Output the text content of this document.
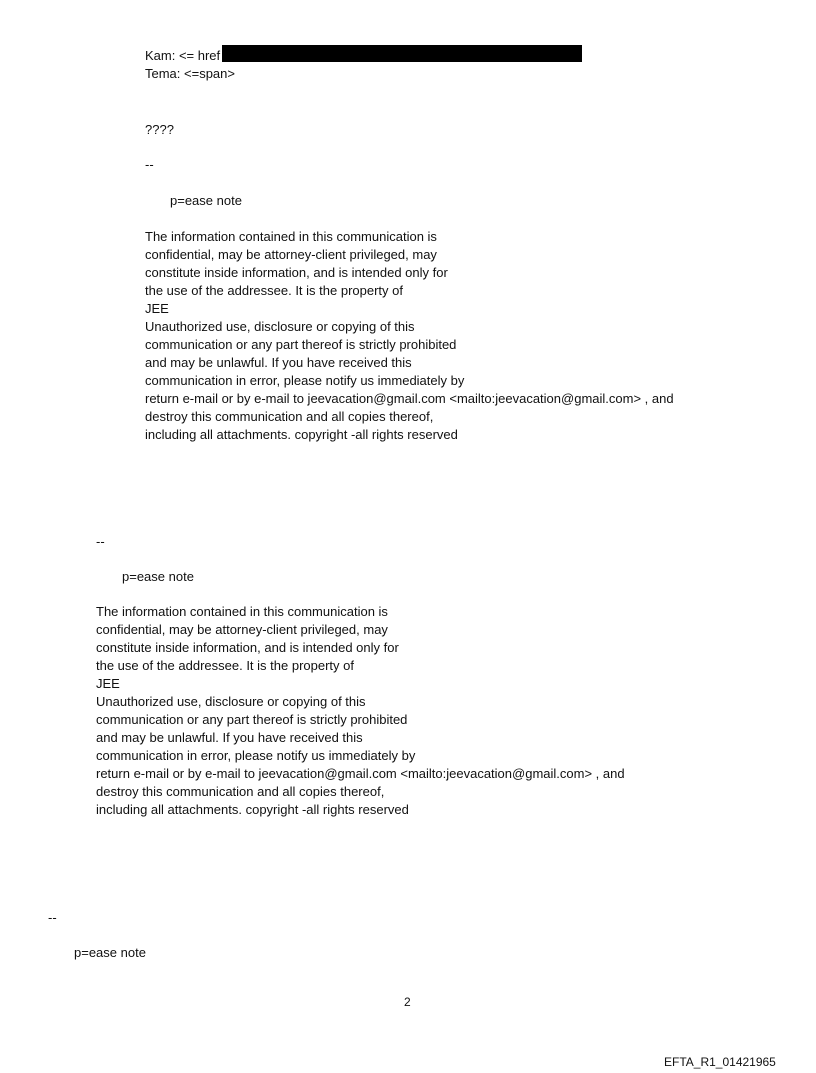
Kam: <= href
Tema: <=span>
????
--
p=ease note
The information contained in this communication is
confidential, may be attorney-client privileged, may
constitute inside information, and is intended only for
the use of the addressee. It is the property of
JEE
Unauthorized use, disclosure or copying of this
communication or any part thereof is strictly prohibited
and may be unlawful. If you have received this
communication in error, please notify us immediately by
return e-mail or by e-mail to jeevacation@gmail.com <mailto:jeevacation@gmail.com> , and
destroy this communication and all copies thereof,
including all attachments. copyright -all rights reserved
--
p=ease note
The information contained in this communication is
confidential, may be attorney-client privileged, may
constitute inside information, and is intended only for
the use of the addressee. It is the property of
JEE
Unauthorized use, disclosure or copying of this
communication or any part thereof is strictly prohibited
and may be unlawful. If you have received this
communication in error, please notify us immediately by
return e-mail or by e-mail to jeevacation@gmail.com <mailto:jeevacation@gmail.com> , and
destroy this communication and all copies thereof,
including all attachments. copyright -all rights reserved
--
p=ease note
2
EFTA_R1_01421965
